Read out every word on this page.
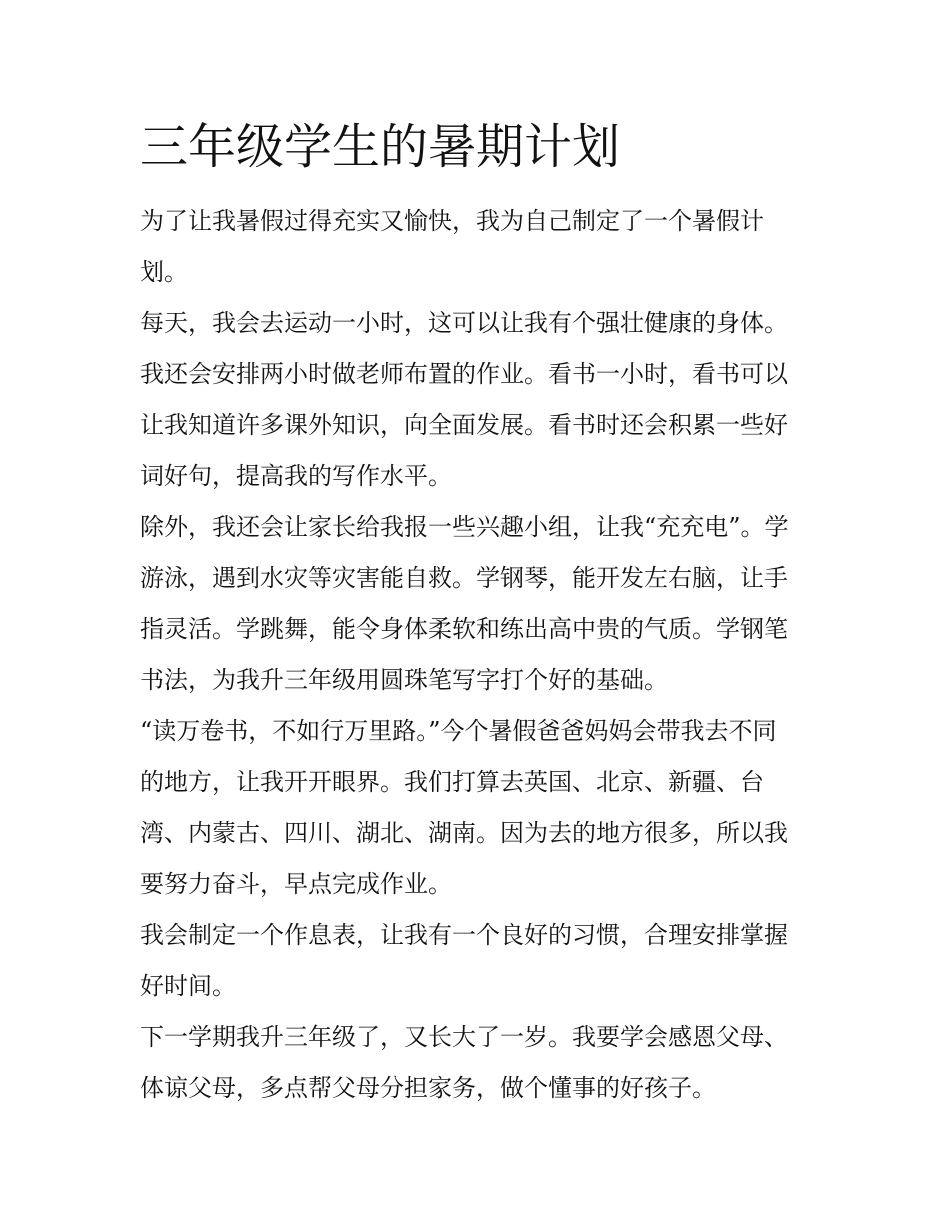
三年级学生的暑期计划

为了让我暑假过得充实又愉快，我为自己制定了一个暑假计
划。

每天，我会去运动一小时，这可以让我有个强壮健康的身体。
我还会安排两小时做老师布置的作业。看书一小时，看书可以
让我知道许多课外知识，向全面发展。看书时还会积累一些好
词好句，提高我的写作水平。

除外，我还会让家长给我报一些兴趣小组，让我“充充电”。学
游泳，遇到水灾等灾害能自救。学钢琴，能开发左右脑，让手
指灵活。学跳舞，能令身体柔软和练出高中贵的气质。学钢笔
书法，为我升三年级用圆珠笔写字打个好的基础。

“读万卷书，不如行万里路。”今个暑假爸爸妈妈会带我去不同
的地方，让我开开眼界。我们打算去英国、北京、新疆、台
湾、内蒙古、四川、湖北、湖南。因为去的地方很多，所以我
要努力奋斗，早点完成作业。

我会制定一个作息表，让我有一个良好的习惯，合理安排掌握
好时间。

下一学期我升三年级了，又长大了一岁。我要学会感恩父母、
体谅父母，多点帮父母分担家务，做个懂事的好孩子。
